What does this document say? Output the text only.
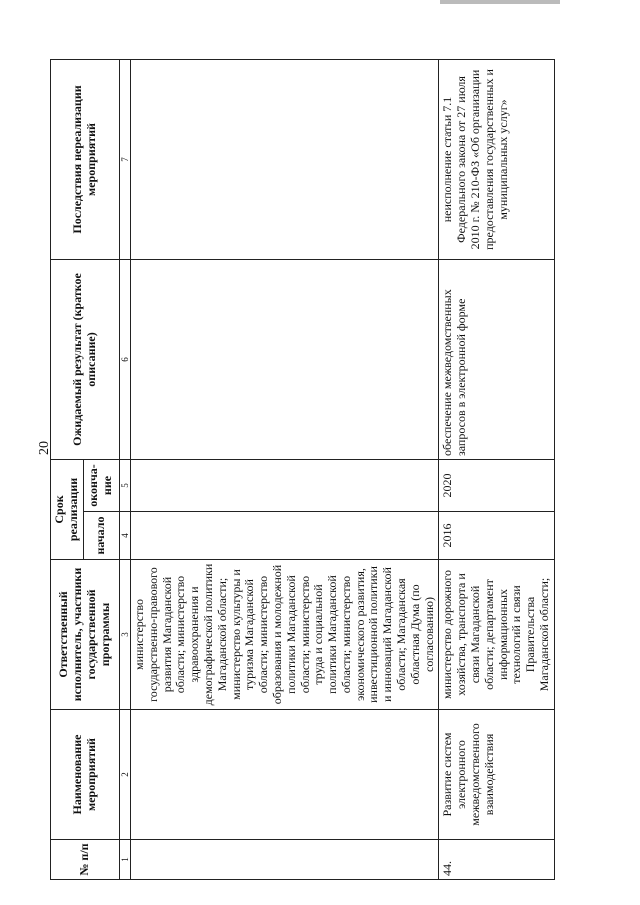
20
№ п/п	Наименование мероприятий	Ответственный исполнитель, участники государственной программы	Срок реализации		Ожидаемый результат (краткое описание)	Последствия нереализации мероприятий
			начало	оконча-ние		
1	2	3	4	5	6	7
		министерство государственно-правового развития Магаданской области; министерство здравоохранения и демографической политики Магаданской области; министерство культуры и туризма Магаданской области; министерство образования и молодежной политики Магаданской области; министерство труда и социальной политики Магаданской области; министерство экономического развития, инвестиционной политики и инноваций Магаданской области; Магаданская областная Дума (по согласованию)				
44.	Развитие систем электронного межведомственного взаимодействия	министерство дорожного хозяйства, транспорта и связи Магаданской области; департамент информационных технологий и связи Правительства Магаданской области;	2016	2020	обеспечение межведомственных запросов в электронной форме	неисполнение статьи 7.1 Федерального закона от 27 июля 2010 г. № 210-ФЗ «Об организации предоставления государственных и муниципальных услуг»
